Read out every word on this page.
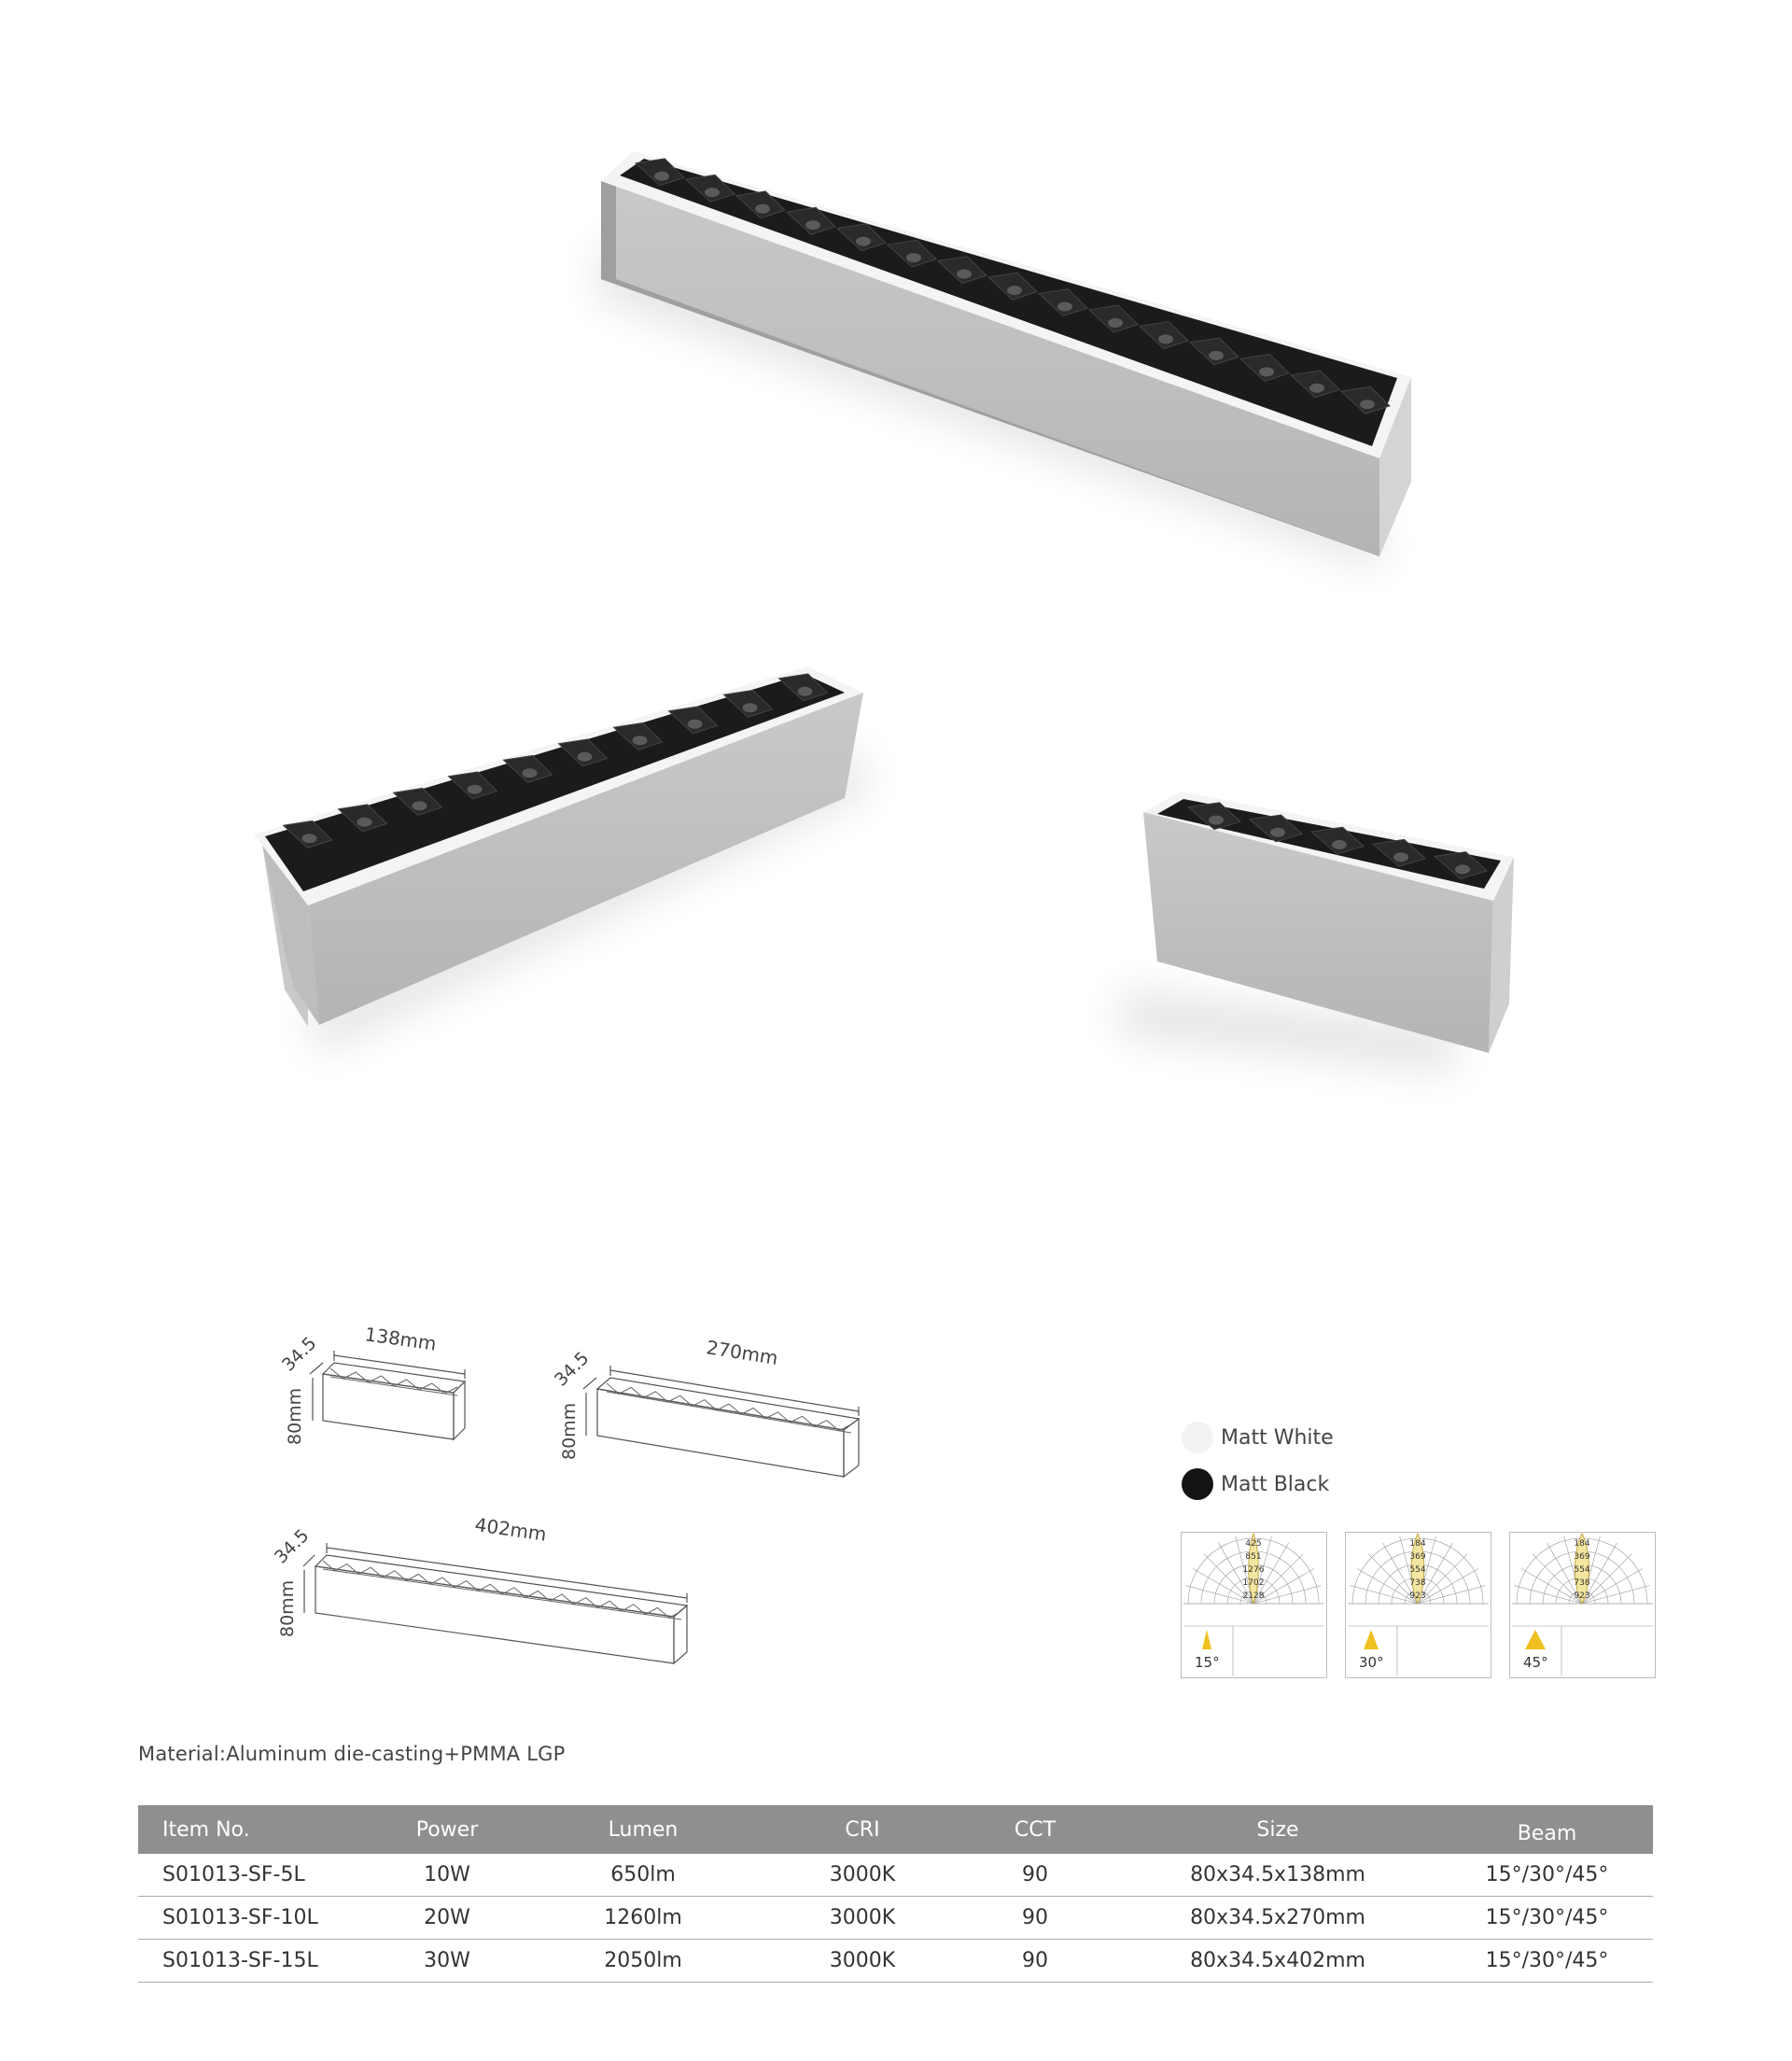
138mm
34.5
80mm
270mm
34.5
80mm
402mm
34.5
80mm
Matt White
Matt Black
425
851
1276
1702
2128
15°
184
369
554
738
923
30°
184
369
554
738
923
45°
Material:Aluminum die-casting+PMMA LGP
Item No.	Power	Lumen	CRI	CCT	Size	Beam
S01013-SF-5L	10W	650lm	3000K	90	80x34.5x138mm	15°/30°/45°
S01013-SF-10L	20W	1260lm	3000K	90	80x34.5x270mm	15°/30°/45°
S01013-SF-15L	30W	2050lm	3000K	90	80x34.5x402mm	15°/30°/45°
